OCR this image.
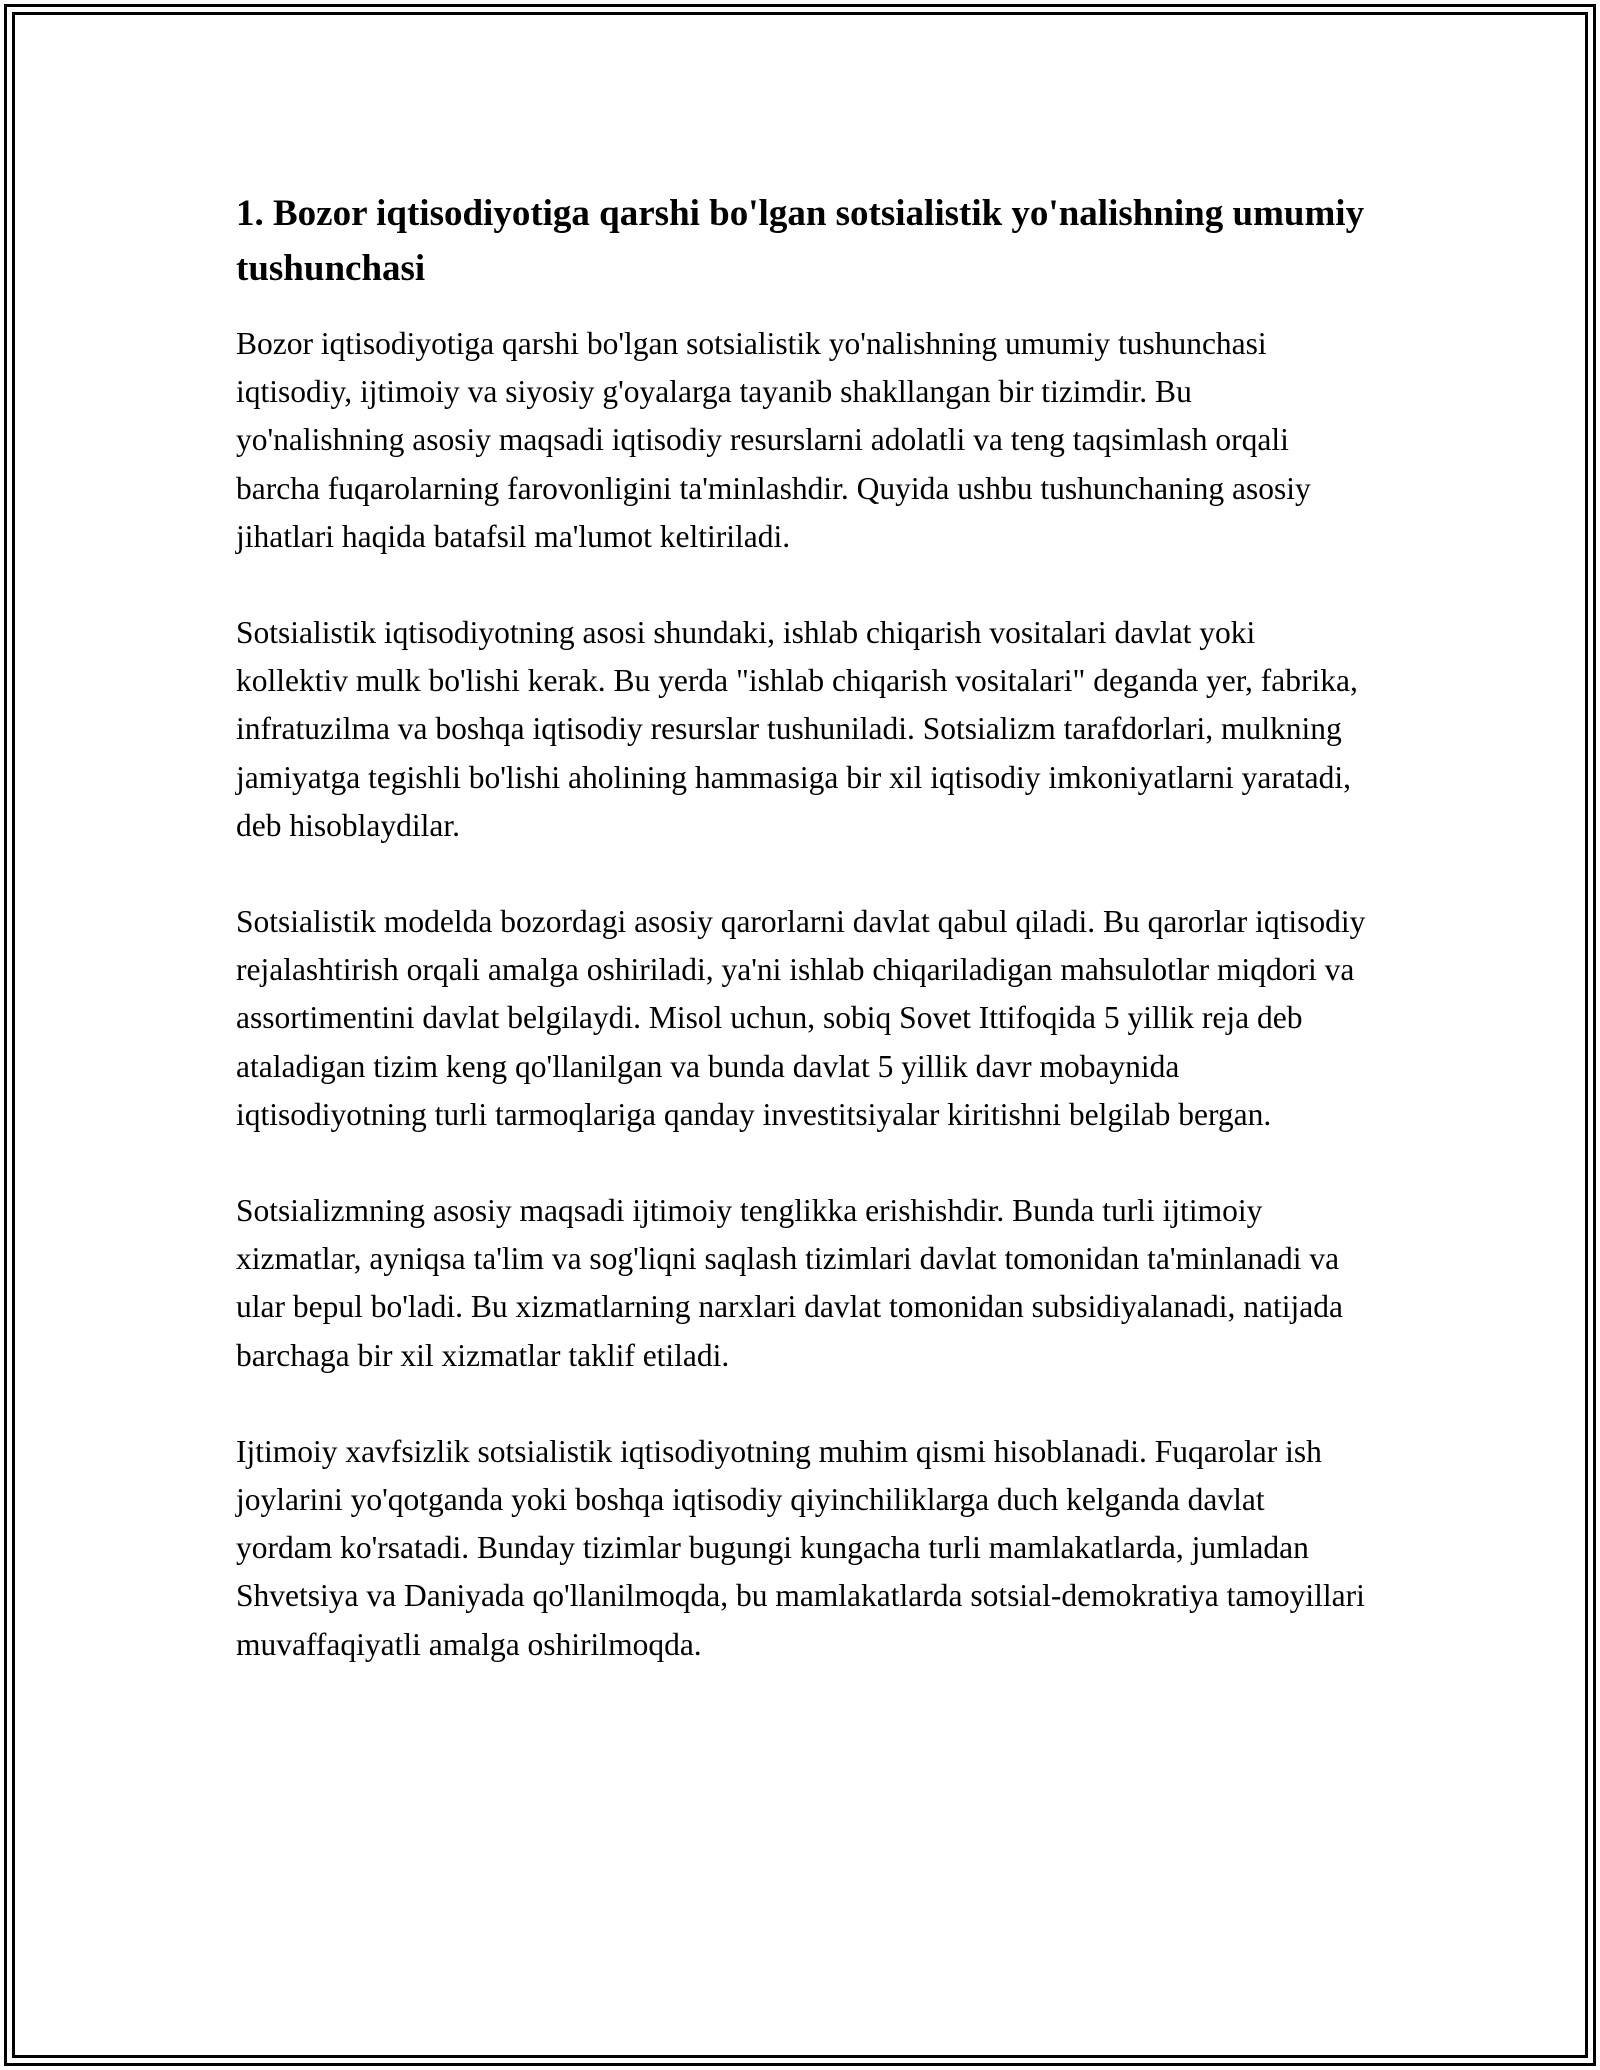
1. Bozor iqtisodiyotiga qarshi bo'lgan sotsialistik yo'nalishning umumiy tushunchasi

Bozor iqtisodiyotiga qarshi bo'lgan sotsialistik yo'nalishning umumiy tushunchasi iqtisodiy, ijtimoiy va siyosiy g'oyalarga tayanib shakllangan bir tizimdir. Bu yo'nalishning asosiy maqsadi iqtisodiy resurslarni adolatli va teng taqsimlash orqali barcha fuqarolarning farovonligini ta'minlashdir. Quyida ushbu tushunchaning asosiy jihatlari haqida batafsil ma'lumot keltiriladi.

Sotsialistik iqtisodiyotning asosi shundaki, ishlab chiqarish vositalari davlat yoki kollektiv mulk bo'lishi kerak. Bu yerda "ishlab chiqarish vositalari" deganda yer, fabrika, infratuzilma va boshqa iqtisodiy resurslar tushuniladi. Sotsializm tarafdorlari, mulkning jamiyatga tegishli bo'lishi aholining hammasiga bir xil iqtisodiy imkoniyatlarni yaratadi, deb hisoblaydilar.

Sotsialistik modelda bozordagi asosiy qarorlarni davlat qabul qiladi. Bu qarorlar iqtisodiy rejalashtirish orqali amalga oshiriladi, ya'ni ishlab chiqariladigan mahsulotlar miqdori va assortimentini davlat belgilaydi. Misol uchun, sobiq Sovet Ittifoqida 5 yillik reja deb ataladigan tizim keng qo'llanilgan va bunda davlat 5 yillik davr mobaynida iqtisodiyotning turli tarmoqlariga qanday investitsiyalar kiritishni belgilab bergan.

Sotsializmning asosiy maqsadi ijtimoiy tenglikka erishishdir. Bunda turli ijtimoiy xizmatlar, ayniqsa ta'lim va sog'liqni saqlash tizimlari davlat tomonidan ta'minlanadi va ular bepul bo'ladi. Bu xizmatlarning narxlari davlat tomonidan subsidiyalanadi, natijada barchaga bir xil xizmatlar taklif etiladi.

Ijtimoiy xavfsizlik sotsialistik iqtisodiyotning muhim qismi hisoblanadi. Fuqarolar ish joylarini yo'qotganda yoki boshqa iqtisodiy qiyinchiliklarga duch kelganda davlat yordam ko'rsatadi. Bunday tizimlar bugungi kungacha turli mamlakatlarda, jumladan Shvetsiya va Daniyada qo'llanilmoqda, bu mamlakatlarda sotsial-demokratiya tamoyillari muvaffaqiyatli amalga oshirilmoqda.
